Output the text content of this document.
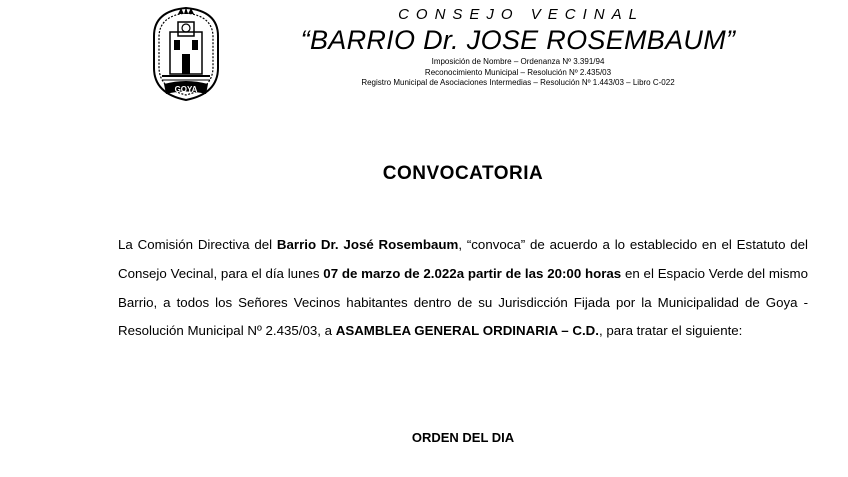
GOYA
CONSEJO VECINAL
“BARRIO Dr. JOSE ROSEMBAUM”
Imposición de Nombre – Ordenanza Nº 3.391/94
Reconocimiento Municipal – Resolución Nº 2.435/03
Registro Municipal de Asociaciones Intermedias – Resolución Nº 1.443/03 – Libro C-022
CONVOCATORIA
La Comisión Directiva del Barrio Dr. José Rosembaum, “convoca” de acuerdo a lo establecido en el Estatuto del Consejo Vecinal, para el día lunes 07 de marzo de 2.022a partir de las 20:00 horas en el Espacio Verde del mismo Barrio, a todos los Señores Vecinos habitantes dentro de su Jurisdicción Fijada por la Municipalidad de Goya - Resolución Municipal Nº 2.435/03, a ASAMBLEA GENERAL ORDINARIA – C.D., para tratar el siguiente:
ORDEN DEL DIA
